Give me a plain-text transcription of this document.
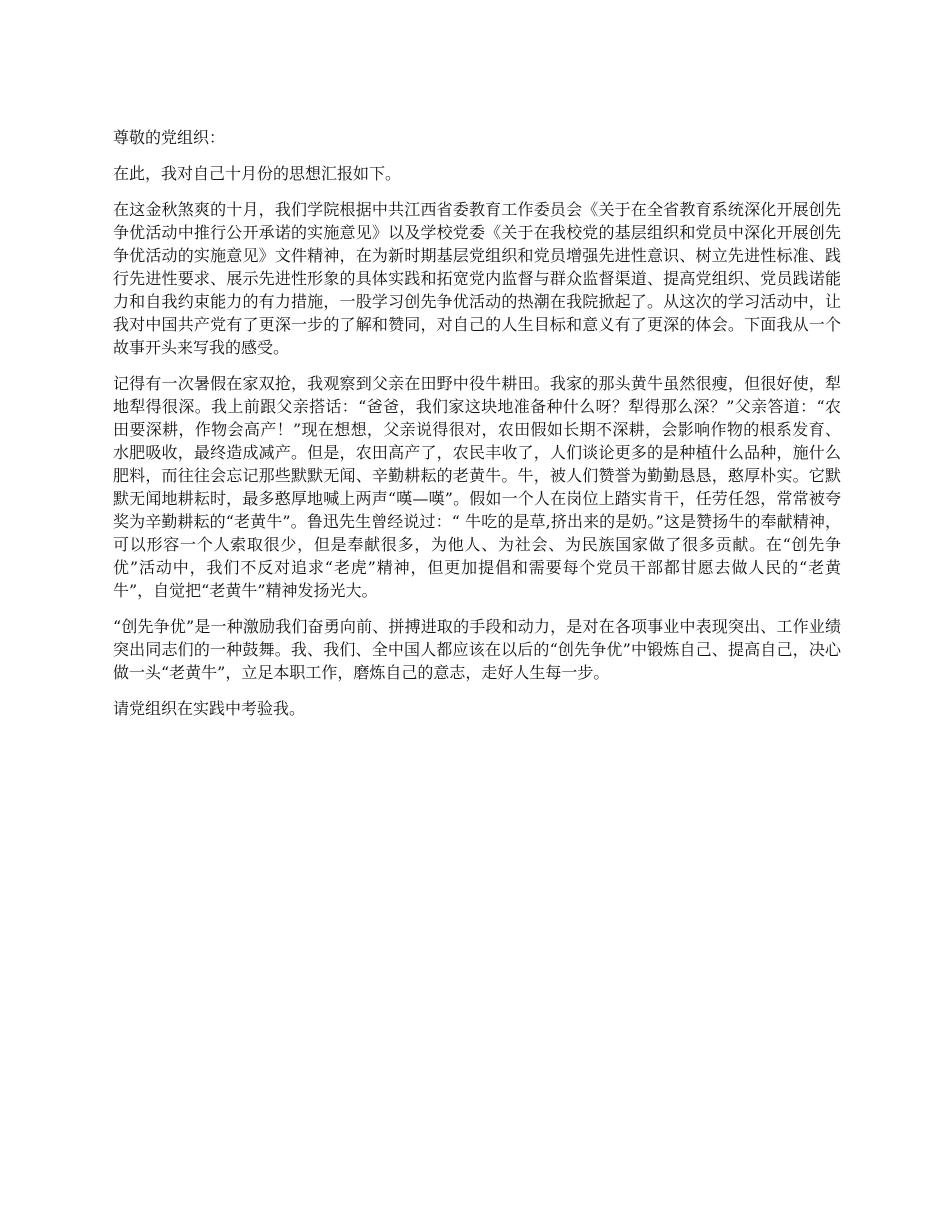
尊敬的党组织：

在此，我对自己十月份的思想汇报如下。

在这金秋煞爽的十月，我们学院根据中共江西省委教育工作委员会《关于在全省教育系统深化开展创先争优活动中推行公开承诺的实施意见》以及学校党委《关于在我校党的基层组织和党员中深化开展创先争优活动的实施意见》文件精神，在为新时期基层党组织和党员增强先进性意识、树立先进性标准、践行先进性要求、展示先进性形象的具体实践和拓宽党内监督与群众监督渠道、提高党组织、党员践诺能力和自我约束能力的有力措施，一股学习创先争优活动的热潮在我院掀起了。从这次的学习活动中，让我对中国共产党有了更深一步的了解和赞同，对自己的人生目标和意义有了更深的体会。下面我从一个故事开头来写我的感受。

记得有一次暑假在家双抢，我观察到父亲在田野中役牛耕田。我家的那头黄牛虽然很瘦，但很好使，犁地犁得很深。我上前跟父亲搭话：“爸爸，我们家这块地准备种什么呀？犁得那么深？”父亲答道：“农田要深耕，作物会高产！”现在想想，父亲说得很对，农田假如长期不深耕，会影响作物的根系发育、水肥吸收，最终造成减产。但是，农田高产了，农民丰收了，人们谈论更多的是种植什么品种，施什么肥料，而往往会忘记那些默默无闻、辛勤耕耘的老黄牛。牛，被人们赞誉为勤勤恳恳，憨厚朴实。它默默无闻地耕耘时，最多憨厚地喊上两声“嘆—嘆”。假如一个人在岗位上踏实肯干，任劳任怨，常常被夸奖为辛勤耕耘的“老黄牛”。鲁迅先生曾经说过：“ 牛吃的是草,挤出来的是奶。”这是赞扬牛的奉献精神，可以形容一个人索取很少，但是奉献很多，为他人、为社会、为民族国家做了很多贡献。在“创先争优”活动中，我们不反对追求“老虎”精神，但更加提倡和需要每个党员干部都甘愿去做人民的“老黄牛”，自觉把“老黄牛”精神发扬光大。

“创先争优”是一种激励我们奋勇向前、拼搏进取的手段和动力，是对在各项事业中表现突出、工作业绩突出同志们的一种鼓舞。我、我们、全中国人都应该在以后的“创先争优”中锻炼自己、提高自己，决心做一头“老黄牛”，立足本职工作，磨炼自己的意志，走好人生每一步。

请党组织在实践中考验我。
